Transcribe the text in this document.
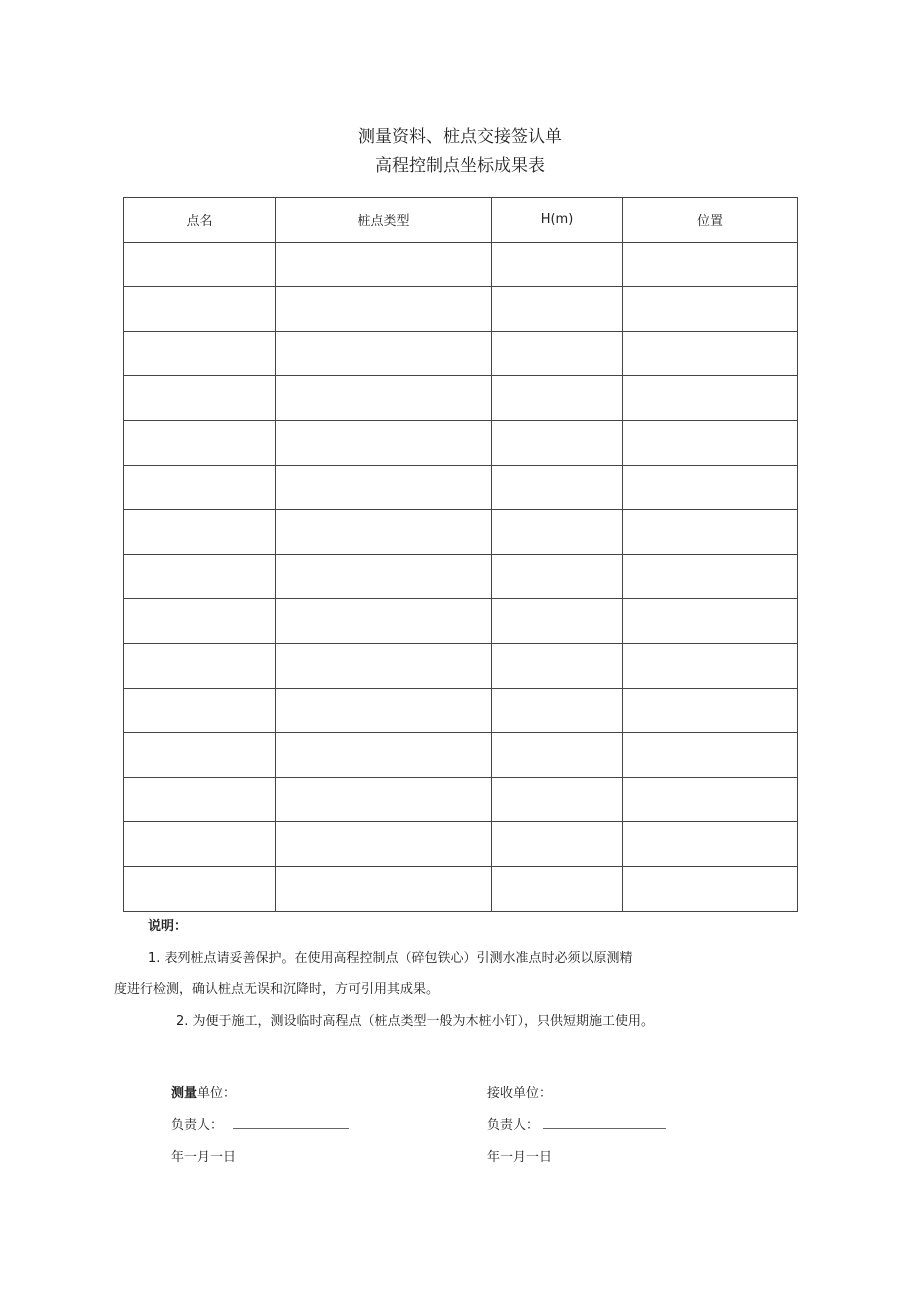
测量资料、桩点交接签认单
高程控制点坐标成果表
点名	桩点类型	H(m)	位置

说明：
1. 表列桩点请妥善保护。在使用高程控制点（碎包铁心）引测水准点时必须以原测精
度进行检测，确认桩点无误和沉降时，方可引用其成果。
2. 为便于施工，测设临时高程点（桩点类型一般为木桩小钉），只供短期施工使用。
测量单位：
负责人：
年一月一日
接收单位：
负责人：
年一月一日
